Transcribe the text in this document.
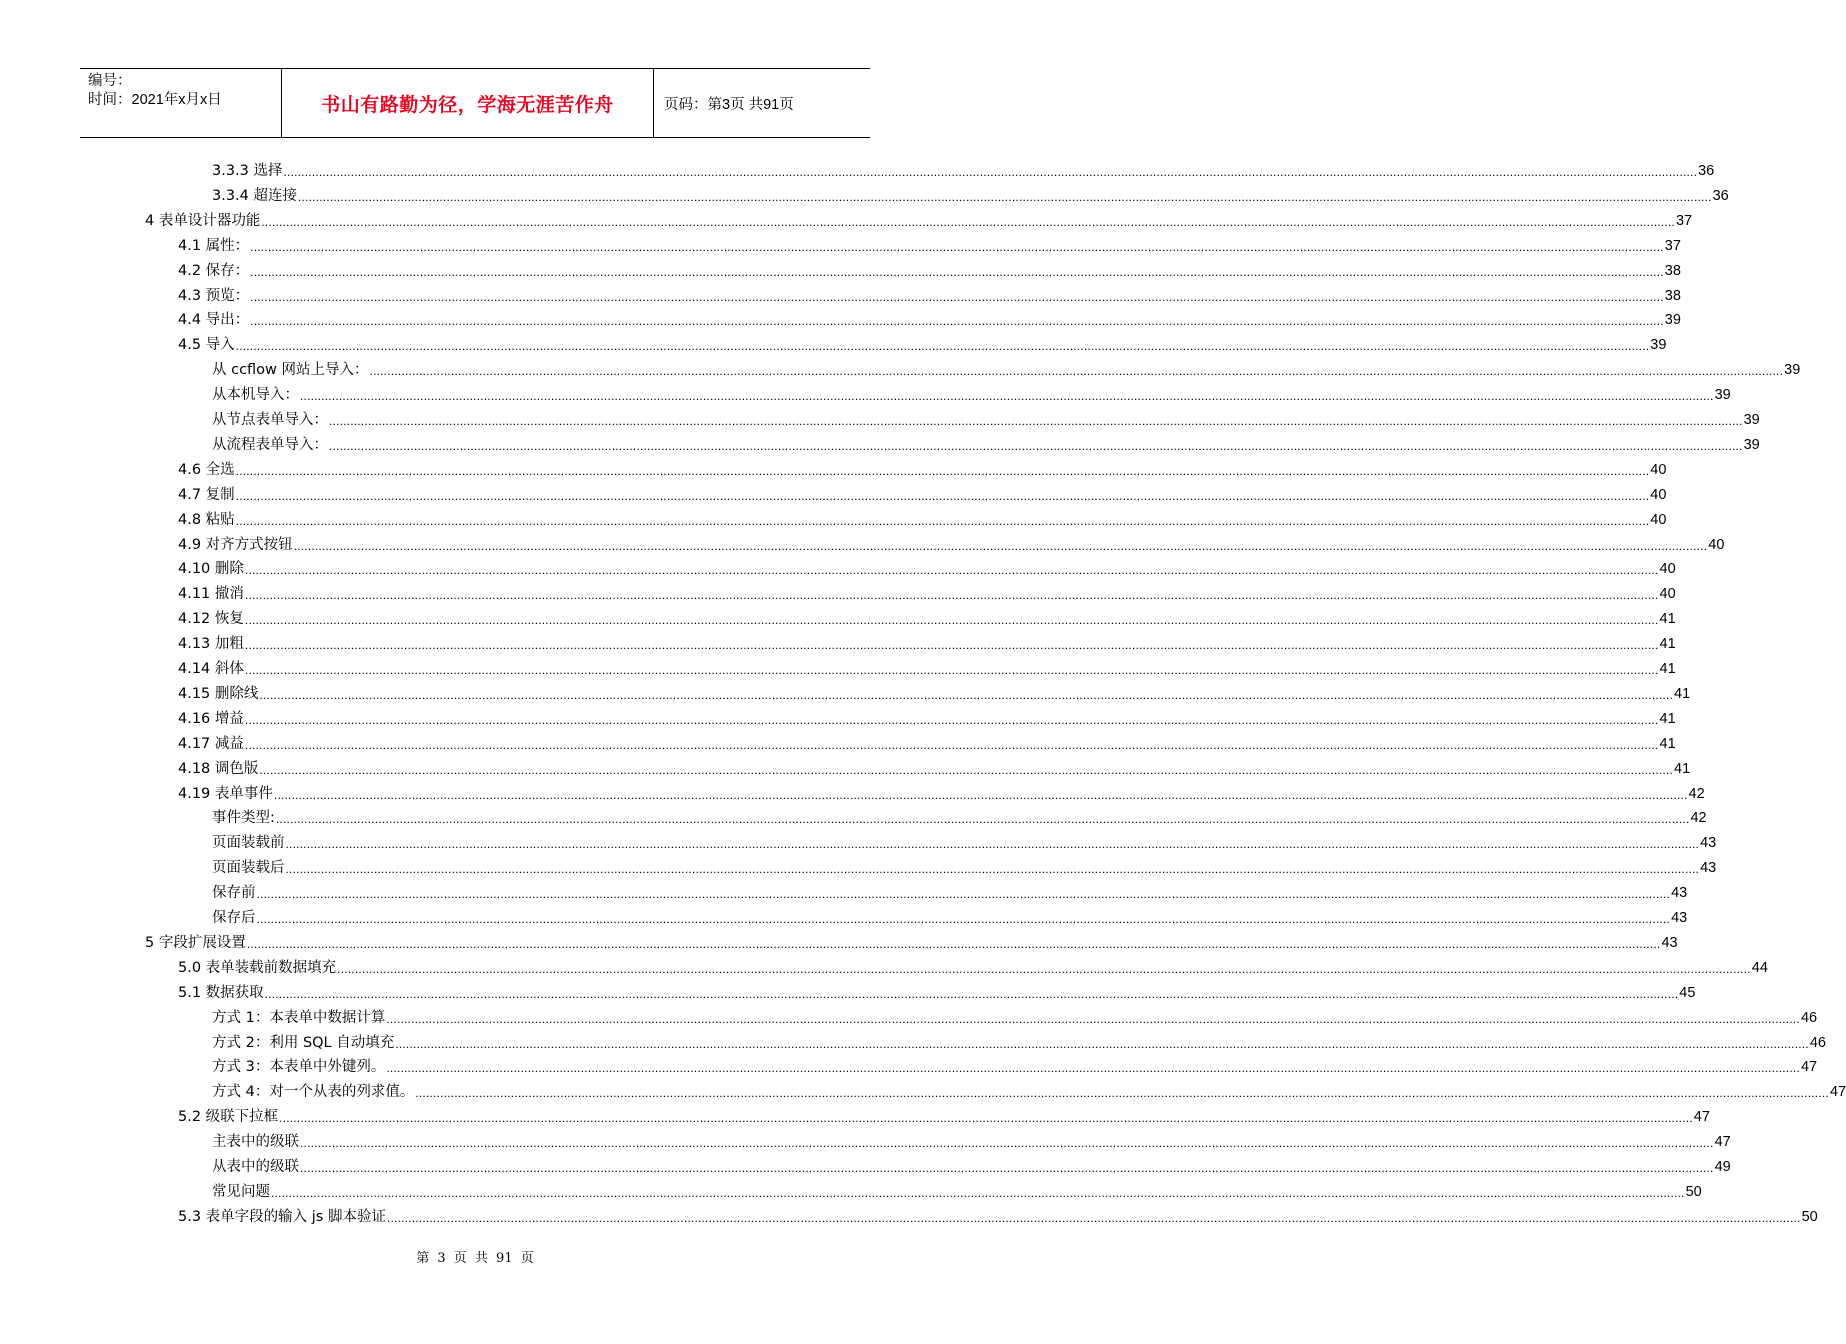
编号：
时间：2021年x月x日	书山有路勤为径，学海无涯苦作舟	页码：第3页 共91页
3.3.3 选择 ................................................................................................................................................................................................................................................................................................................................................................................................................ 36
3.3.4 超连接 ................................................................................................................................................................................................................................................................................................................................................................................................................ 36
4 表单设计器功能 ................................................................................................................................................................................................................................................................................................................................................................................................................ 37
4.1 属性： ................................................................................................................................................................................................................................................................................................................................................................................................................ 37
4.2 保存： ................................................................................................................................................................................................................................................................................................................................................................................................................ 38
4.3 预览： ................................................................................................................................................................................................................................................................................................................................................................................................................ 38
4.4 导出： ................................................................................................................................................................................................................................................................................................................................................................................................................ 39
4.5 导入 ................................................................................................................................................................................................................................................................................................................................................................................................................ 39
从 ccflow 网站上导入： ................................................................................................................................................................................................................................................................................................................................................................................................................ 39
从本机导入： ................................................................................................................................................................................................................................................................................................................................................................................................................ 39
从节点表单导入： ................................................................................................................................................................................................................................................................................................................................................................................................................ 39
从流程表单导入： ................................................................................................................................................................................................................................................................................................................................................................................................................ 39
4.6 全选 ................................................................................................................................................................................................................................................................................................................................................................................................................ 40
4.7 复制 ................................................................................................................................................................................................................................................................................................................................................................................................................ 40
4.8 粘贴 ................................................................................................................................................................................................................................................................................................................................................................................................................ 40
4.9 对齐方式按钮 ................................................................................................................................................................................................................................................................................................................................................................................................................ 40
4.10 删除 ................................................................................................................................................................................................................................................................................................................................................................................................................ 40
4.11 撤消 ................................................................................................................................................................................................................................................................................................................................................................................................................ 40
4.12 恢复 ................................................................................................................................................................................................................................................................................................................................................................................................................ 41
4.13 加粗 ................................................................................................................................................................................................................................................................................................................................................................................................................ 41
4.14 斜体 ................................................................................................................................................................................................................................................................................................................................................................................................................ 41
4.15 删除线 ................................................................................................................................................................................................................................................................................................................................................................................................................ 41
4.16 增益 ................................................................................................................................................................................................................................................................................................................................................................................................................ 41
4.17 减益 ................................................................................................................................................................................................................................................................................................................................................................................................................ 41
4.18 调色版 ................................................................................................................................................................................................................................................................................................................................................................................................................ 41
4.19 表单事件 ................................................................................................................................................................................................................................................................................................................................................................................................................ 42
事件类型: ................................................................................................................................................................................................................................................................................................................................................................................................................ 42
页面装载前 ................................................................................................................................................................................................................................................................................................................................................................................................................ 43
页面装载后 ................................................................................................................................................................................................................................................................................................................................................................................................................ 43
保存前 ................................................................................................................................................................................................................................................................................................................................................................................................................ 43
保存后 ................................................................................................................................................................................................................................................................................................................................................................................................................ 43
5 字段扩展设置 ................................................................................................................................................................................................................................................................................................................................................................................................................ 43
5.0 表单装载前数据填充 ................................................................................................................................................................................................................................................................................................................................................................................................................ 44
5.1 数据获取 ................................................................................................................................................................................................................................................................................................................................................................................................................ 45
方式 1：本表单中数据计算 ................................................................................................................................................................................................................................................................................................................................................................................................................ 46
方式 2：利用 SQL 自动填充 ................................................................................................................................................................................................................................................................................................................................................................................................................ 46
方式 3：本表单中外键列。 ................................................................................................................................................................................................................................................................................................................................................................................................................ 47
方式 4：对一个从表的列求值。 ................................................................................................................................................................................................................................................................................................................................................................................................................ 47
5.2 级联下拉框 ................................................................................................................................................................................................................................................................................................................................................................................................................ 47
主表中的级联 ................................................................................................................................................................................................................................................................................................................................................................................................................ 47
从表中的级联 ................................................................................................................................................................................................................................................................................................................................................................................................................ 49
常见问题 ................................................................................................................................................................................................................................................................................................................................................................................................................ 50
5.3 表单字段的输入 js 脚本验证 ................................................................................................................................................................................................................................................................................................................................................................................................................ 50
第 3 页 共 91 页
